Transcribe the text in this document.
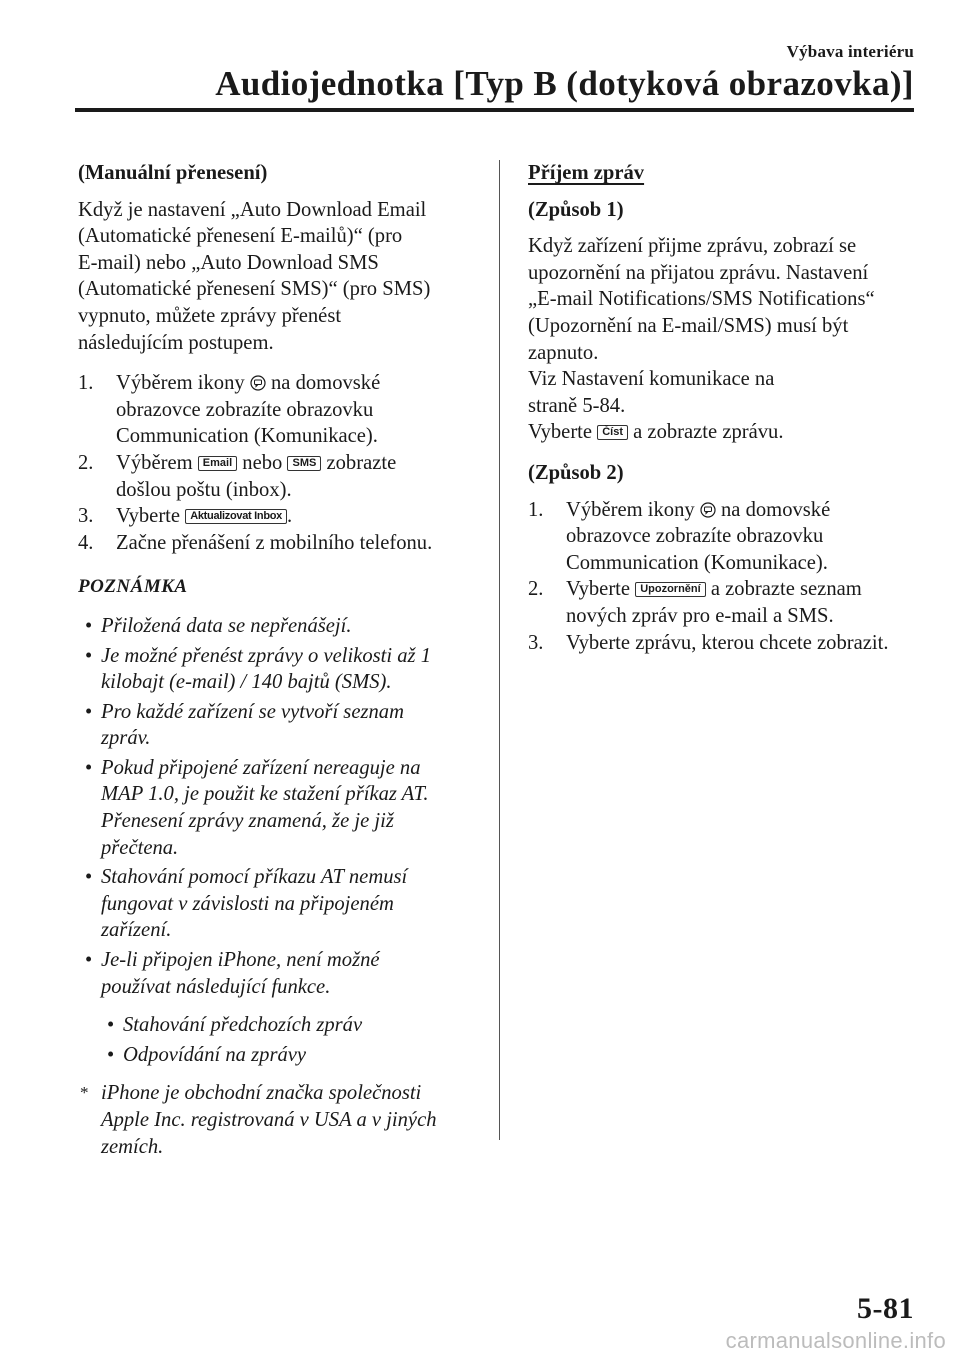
Výbava interiéru
Audiojednotka [Typ B (dotyková obrazovka)]

(Manuální přenesení)

Když je nastavení „Auto Download Email
(Automatické přenesení E-mailů)“ (pro
E-mail) nebo „Auto Download SMS
(Automatické přenesení SMS)“ (pro SMS)
vypnuto, můžete zprávy přenést
následujícím postupem.
1. Výběrem ikony na domovské
obrazovce zobrazíte obrazovku
Communication (Komunikace).
2. Výběrem Email nebo SMS zobrazte
došlou poštu (inbox).
3. Vyberte Aktualizovat Inbox .
4. Začne přenášení z mobilního telefonu.

POZNÁMKA

• Přiložená data se nepřenášejí.
• Je možné přenést zprávy o velikosti až 1
kilobajt (e-mail) / 140 bajtů (SMS).
• Pro každé zařízení se vytvoří seznam
zpráv.
• Pokud připojené zařízení nereaguje na
MAP 1.0, je použit ke stažení příkaz AT.
Přenesení zprávy znamená, že je již
přečtena.
• Stahování pomocí příkazu AT nemusí
fungovat v závislosti na připojeném
zařízení.
• Je-li připojen iPhone, není možné
používat následující funkce.
• Stahování předchozích zpráv
• Odpovídání na zprávy
* iPhone je obchodní značka společnosti
Apple Inc. registrovaná v USA a v jiných
zemích.

Příjem zpráv

(Způsob 1)

Když zařízení přijme zprávu, zobrazí se
upozornění na přijatou zprávu. Nastavení
„E-mail Notifications/SMS Notifications“
(Upozornění na E-mail/SMS) musí být
zapnuto.
Viz Nastavení komunikace na
straně 5-84.
Vyberte Číst a zobrazte zprávu.

(Způsob 2)

1. Výběrem ikony na domovské
obrazovce zobrazíte obrazovku
Communication (Komunikace).
2. Vyberte Upozornění a zobrazte seznam
nových zpráv pro e-mail a SMS.
3. Vyberte zprávu, kterou chcete zobrazit.
5-81
carmanualsonline.info
